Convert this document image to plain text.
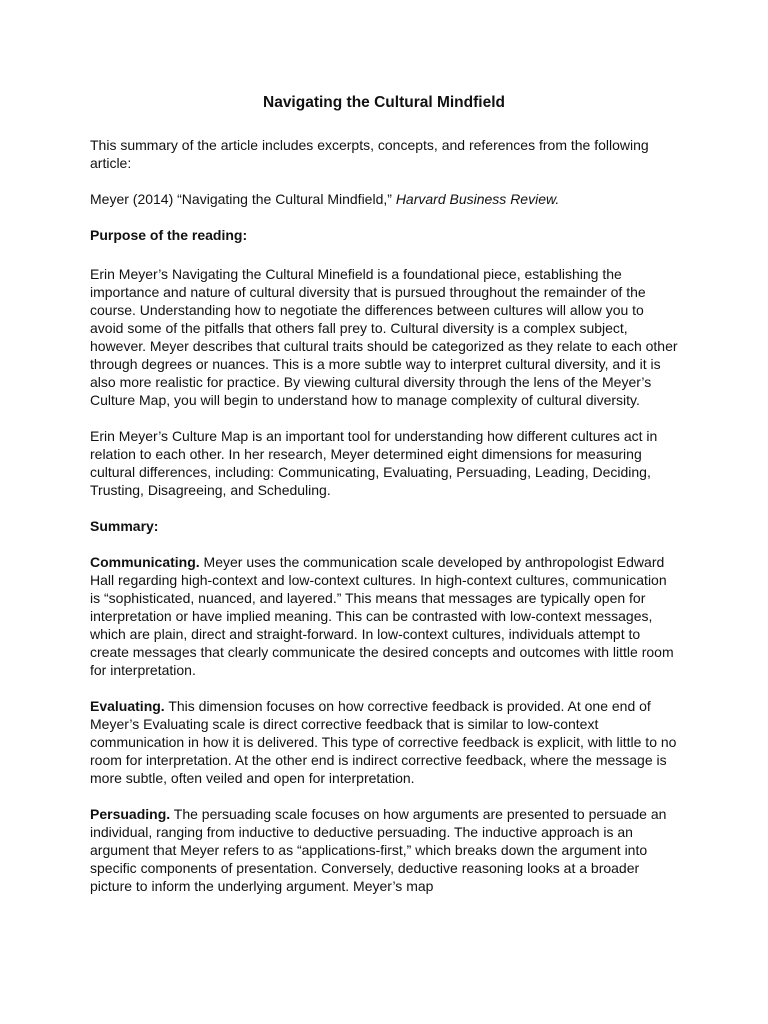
Navigating the Cultural Mindfield

This summary of the article includes excerpts, concepts, and references from the following article:

Meyer (2014) “Navigating the Cultural Mindfield,” Harvard Business Review.

Purpose of the reading:

Erin Meyer’s Navigating the Cultural Minefield is a foundational piece, establishing the importance and nature of cultural diversity that is pursued throughout the remainder of the course. Understanding how to negotiate the differences between cultures will allow you to avoid some of the pitfalls that others fall prey to. Cultural diversity is a complex subject, however. Meyer describes that cultural traits should be categorized as they relate to each other through degrees or nuances. This is a more subtle way to interpret cultural diversity, and it is also more realistic for practice. By viewing cultural diversity through the lens of the Meyer’s Culture Map, you will begin to understand how to manage complexity of cultural diversity.

Erin Meyer’s Culture Map is an important tool for understanding how different cultures act in relation to each other. In her research, Meyer determined eight dimensions for measuring cultural differences, including: Communicating, Evaluating, Persuading, Leading, Deciding, Trusting, Disagreeing, and Scheduling.

Summary:

Communicating. Meyer uses the communication scale developed by anthropologist Edward Hall regarding high-context and low-context cultures. In high-context cultures, communication is “sophisticated, nuanced, and layered.” This means that messages are typically open for interpretation or have implied meaning. This can be contrasted with low-context messages, which are plain, direct and straight-forward. In low-context cultures, individuals attempt to create messages that clearly communicate the desired concepts and outcomes with little room for interpretation.

Evaluating. This dimension focuses on how corrective feedback is provided. At one end of Meyer’s Evaluating scale is direct corrective feedback that is similar to low-context communication in how it is delivered. This type of corrective feedback is explicit, with little to no room for interpretation. At the other end is indirect corrective feedback, where the message is more subtle, often veiled and open for interpretation.

Persuading. The persuading scale focuses on how arguments are presented to persuade an individual, ranging from inductive to deductive persuading. The inductive approach is an argument that Meyer refers to as “applications-first,” which breaks down the argument into specific components of presentation. Conversely, deductive reasoning looks at a broader picture to inform the underlying argument. Meyer’s map
